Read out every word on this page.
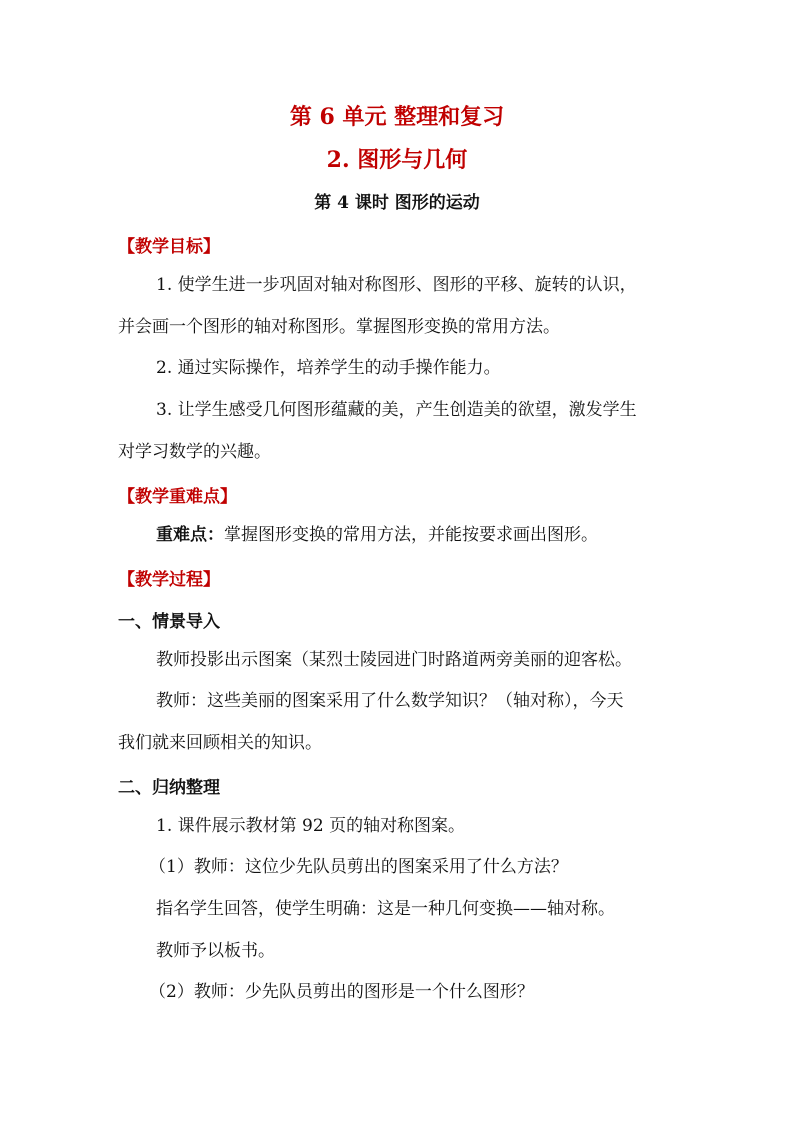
第 6 单元 整理和复习
2. 图形与几何
第 4 课时 图形的运动
【教学目标】
1. 使学生进一步巩固对轴对称图形、图形的平移、旋转的认识，
并会画一个图形的轴对称图形。掌握图形变换的常用方法。
2. 通过实际操作，培养学生的动手操作能力。
3. 让学生感受几何图形蕴藏的美，产生创造美的欲望，激发学生
对学习数学的兴趣。
【教学重难点】
重难点：掌握图形变换的常用方法，并能按要求画出图形。
【教学过程】
一、情景导入
教师投影出示图案（某烈士陵园进门时路道两旁美丽的迎客松。
教师：这些美丽的图案采用了什么数学知识？（轴对称），今天
我们就来回顾相关的知识。
二、归纳整理
1. 课件展示教材第 92 页的轴对称图案。
（1）教师：这位少先队员剪出的图案采用了什么方法？
指名学生回答，使学生明确：这是一种几何变换——轴对称。
教师予以板书。
（2）教师：少先队员剪出的图形是一个什么图形？
